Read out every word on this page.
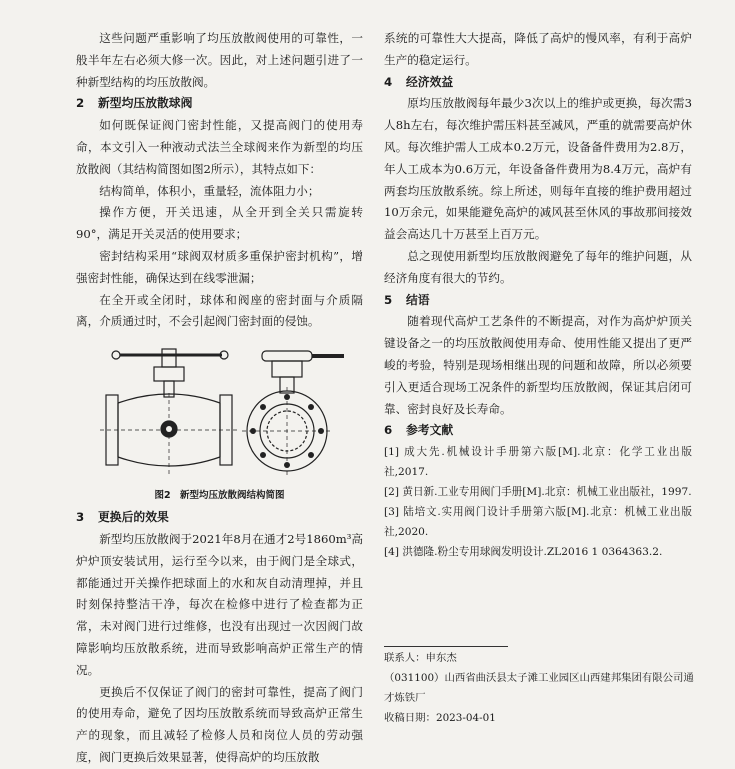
这些问题严重影响了均压放散阀使用的可靠性，一般半年左右必须大修一次。因此，对上述问题引进了一种新型结构的均压放散阀。

2 新型均压放散球阀

如何既保证阀门密封性能，又提高阀门的使用寿命，本文引入一种液动式法兰全球阀来作为新型的均压放散阀（其结构简图如图2所示），其特点如下：

结构简单，体积小，重量轻，流体阻力小；

操作方便，开关迅速，从全开到全关只需旋转90°，满足开关灵活的使用要求；

密封结构采用“球阀双材质多重保护密封机构”，增强密封性能，确保达到在线零泄漏；

在全开或全闭时，球体和阀座的密封面与介质隔离，介质通过时，不会引起阀门密封面的侵蚀。

图2　新型均压放散阀结构简图
3 更换后的效果

新型均压放散阀于2021年8月在通才2号1860m³高炉炉顶安装试用，运行至今以来，由于阀门是全球式，都能通过开关操作把球面上的水和灰自动清理掉，并且时刻保持整洁干净，每次在检修中进行了检查都为正常，未对阀门进行过维修，也没有出现过一次因阀门故障影响均压放散系统，进而导致影响高炉正常生产的情况。

更换后不仅保证了阀门的密封可靠性，提高了阀门的使用寿命，避免了因均压放散系统而导致高炉正常生产的现象，而且减轻了检修人员和岗位人员的劳动强度，阀门更换后效果显著，使得高炉的均压放散

系统的可靠性大大提高，降低了高炉的慢风率，有利于高炉生产的稳定运行。

4 经济效益

原均压放散阀每年最少3次以上的维护或更换，每次需3人8h左右，每次维护需压料甚至减风，严重的就需要高炉休风。每次维护需人工成本0.2万元，设备备件费用为2.8万，年人工成本为0.6万元，年设备备件费用为8.4万元，高炉有两套均压放散系统。综上所述，则每年直接的维护费用超过10万余元，如果能避免高炉的减风甚至休风的事故那间接效益会高达几十万甚至上百万元。

总之现使用新型均压放散阀避免了每年的维护问题，从经济角度有很大的节约。

5 结语

随着现代高炉工艺条件的不断提高，对作为高炉炉顶关键设备之一的均压放散阀使用寿命、使用性能又提出了更严峻的考验，特别是现场相继出现的问题和故障，所以必须要引入更适合现场工况条件的新型均压放散阀，保证其启闭可靠、密封良好及长寿命。

6 参考文献
[1] 成大先.机械设计手册第六版[M].北京：化学工业出版社,2017.
[2] 黄日新.工业专用阀门手册[M].北京：机械工业出版社，1997.
[3] 陆培文.实用阀门设计手册第六版[M].北京：机械工业出版社,2020.
[4] 洪德隆.粉尘专用球阀发明设计.ZL2016 1 0364363.2.
联系人：申东杰
（031100）山西省曲沃县太子滩工业园区山西建邦集团有限公司通才炼铁厂
收稿日期：2023-04-01
